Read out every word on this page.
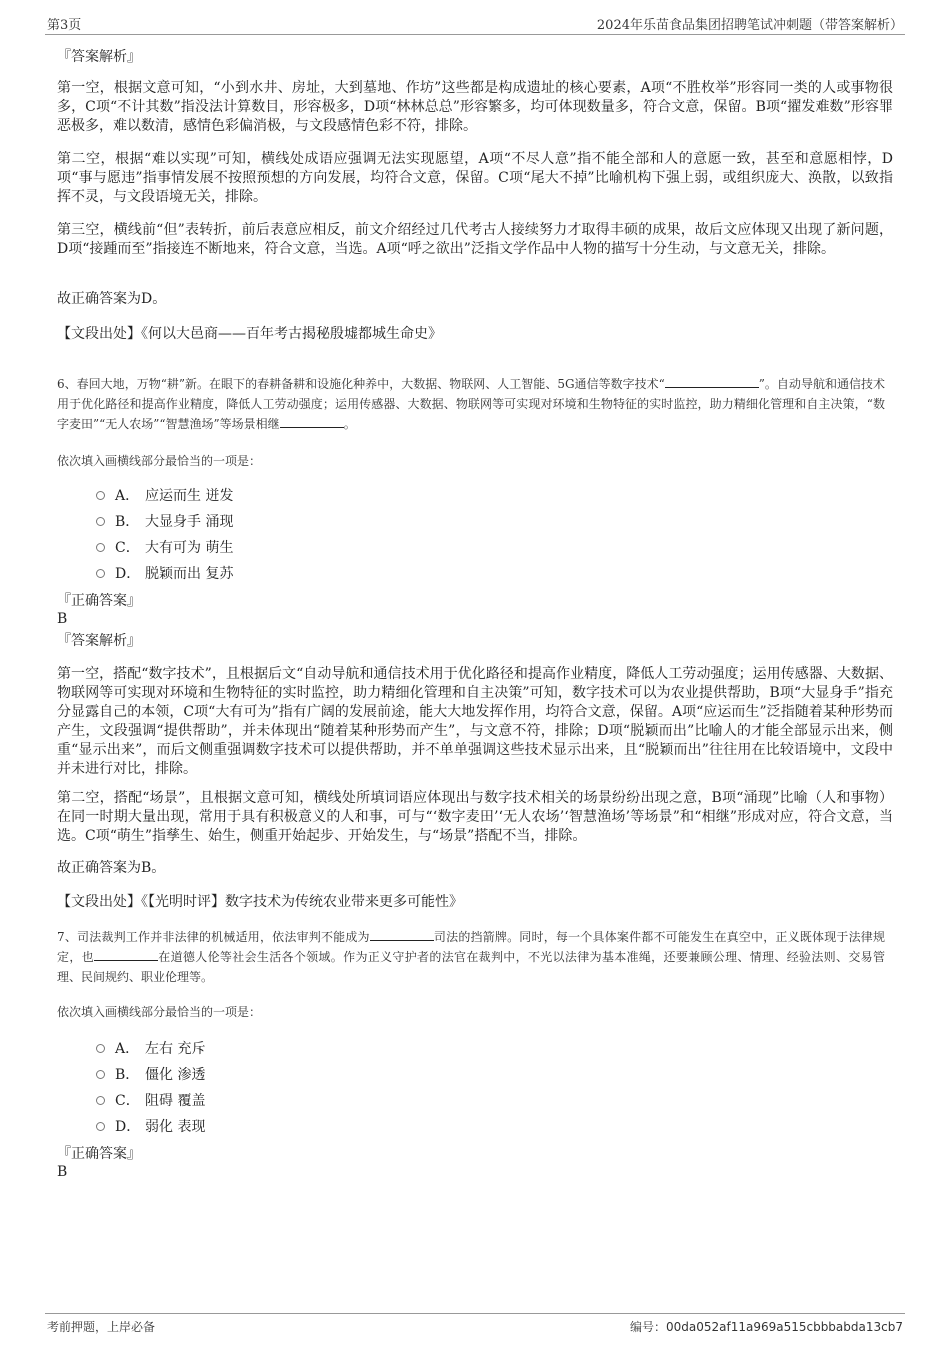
第3页	2024年乐苗食品集团招聘笔试冲刺题（带答案解析）

『答案解析』

第一空，根据文意可知，“小到水井、房址，大到墓地、作坊”这些都是构成遗址的核心要素，A项“不胜枚举”形容同一类的人或事物很多，C项“不计其数”指没法计算数目，形容极多，D项“林林总总”形容繁多，均可体现数量多，符合文意，保留。B项“擢发难数”形容罪恶极多，难以数清，感情色彩偏消极，与文段感情色彩不符，排除。

第二空，根据“难以实现”可知，横线处成语应强调无法实现愿望，A项“不尽人意”指不能全部和人的意愿一致，甚至和意愿相悖，D项“事与愿违”指事情发展不按照预想的方向发展，均符合文意，保留。C项“尾大不掉”比喻机构下强上弱，或组织庞大、涣散，以致指挥不灵，与文段语境无关，排除。

第三空，横线前“但”表转折，前后表意应相反，前文介绍经过几代考古人接续努力才取得丰硕的成果，故后文应体现又出现了新问题，D项“接踵而至”指接连不断地来，符合文意，当选。A项“呼之欲出”泛指文学作品中人物的描写十分生动，与文意无关，排除。

故正确答案为D。

【文段出处】《何以大邑商——百年考古揭秘殷墟都城生命史》

6、春回大地，万物“耕”新。在眼下的春耕备耕和设施化种养中，大数据、物联网、人工智能、5G通信等数字技术“	”。自动导航和通信技术用于优化路径和提高作业精度，降低人工劳动强度；运用传感器、大数据、物联网等可实现对环境和生物特征的实时监控，助力精细化管理和自主决策，“数字麦田”“无人农场”“智慧渔场”等场景相继	。
依次填入画横线部分最恰当的一项是：
A． 应运而生 迸发
B． 大显身手 涌现
C． 大有可为 萌生
D． 脱颖而出 复苏

『正确答案』

B

『答案解析』

第一空，搭配“数字技术”，且根据后文“自动导航和通信技术用于优化路径和提高作业精度，降低人工劳动强度；运用传感器、大数据、物联网等可实现对环境和生物特征的实时监控，助力精细化管理和自主决策”可知，数字技术可以为农业提供帮助，B项“大显身手”指充分显露自己的本领，C项“大有可为”指有广阔的发展前途，能大大地发挥作用，均符合文意，保留。A项“应运而生”泛指随着某种形势而产生，文段强调“提供帮助”，并未体现出“随着某种形势而产生”，与文意不符，排除；D项“脱颖而出”比喻人的才能全部显示出来，侧重“显示出来”，而后文侧重强调数字技术可以提供帮助，并不单单强调这些技术显示出来，且“脱颖而出”往往用在比较语境中，文段中并未进行对比，排除。

第二空，搭配“场景”，且根据文意可知，横线处所填词语应体现出与数字技术相关的场景纷纷出现之意，B项“涌现”比喻（人和事物）在同一时期大量出现，常用于具有积极意义的人和事，可与“‘数字麦田’‘无人农场’‘智慧渔场’等场景”和“相继”形成对应，符合文意，当选。C项“萌生”指孳生、始生，侧重开始起步、开始发生，与“场景”搭配不当，排除。

故正确答案为B。

【文段出处】《【光明时评】数字技术为传统农业带来更多可能性》

7、司法裁判工作并非法律的机械适用，依法审判不能成为	司法的挡箭牌。同时，每一个具体案件都不可能发生在真空中，正义既体现于法律规定，也	在道德人伦等社会生活各个领域。作为正义守护者的法官在裁判中，不光以法律为基本准绳，还要兼顾公理、情理、经验法则、交易管理、民间规约、职业伦理等。
依次填入画横线部分最恰当的一项是：
A． 左右 充斥
B． 僵化 渗透
C． 阻碍 覆盖
D． 弱化 表现

『正确答案』

B

考前押题，上岸必备	编号：00da052af11a969a515cbbbabda13cb7
